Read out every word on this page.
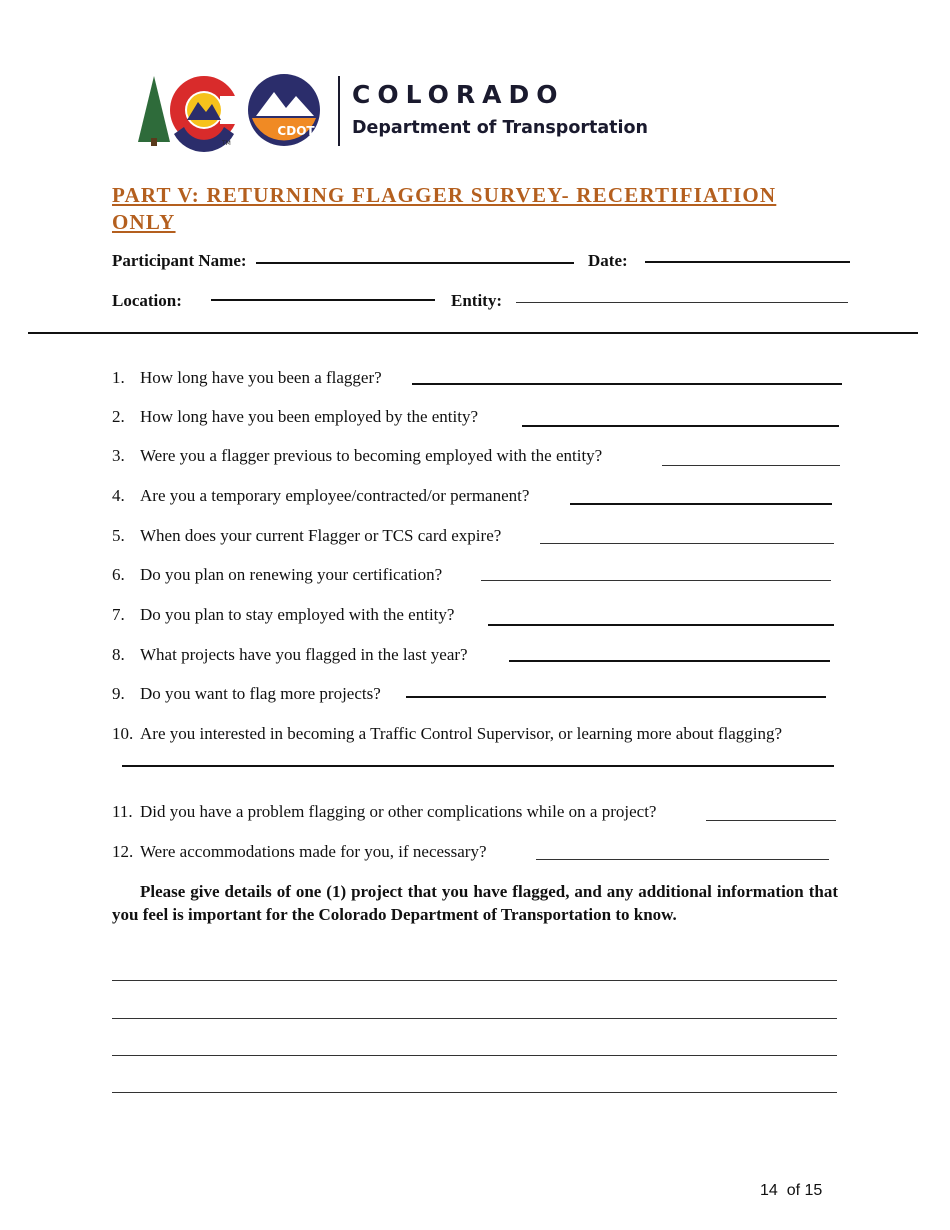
CDOT
TM
COLORADO
Department of Transportation
PART V: RETURNING FLAGGER SURVEY- RECERTIFIATION ONLY
Participant Name:	Date:
Location:	Entity:
1. How long have you been a flagger?
2. How long have you been employed by the entity?
3. Were you a flagger previous to becoming employed with the entity?
4. Are you a temporary employee/contracted/or permanent?
5. When does your current Flagger or TCS card expire?
6. Do you plan on renewing your certification?
7. Do you plan to stay employed with the entity?
8. What projects have you flagged in the last year?
9. Do you want to flag more projects?
10. Are you interested in becoming a Traffic Control Supervisor, or learning more about flagging?
11. Did you have a problem flagging or other complications while on a project?
12. Were accommodations made for you, if necessary?
Please give details of one (1) project that you have flagged, and any additional information that you feel is important for the Colorado Department of Transportation to know.
14 of 15
